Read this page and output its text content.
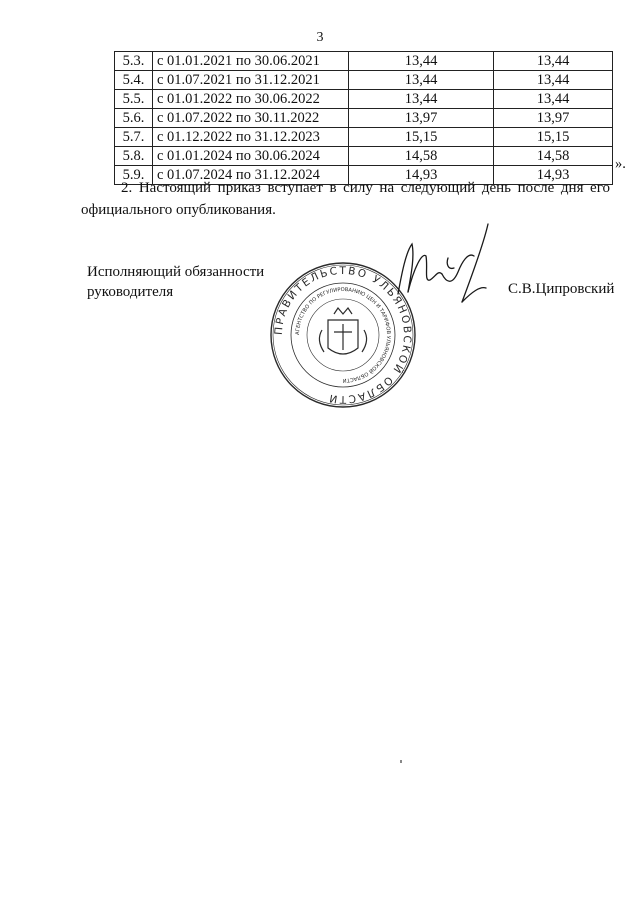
3
5.3.	с 01.01.2021 по 30.06.2021	13,44	13,44
5.4.	с 01.07.2021 по 31.12.2021	13,44	13,44
5.5.	с 01.01.2022 по 30.06.2022	13,44	13,44
5.6.	с 01.07.2022 по 30.11.2022	13,97	13,97
5.7.	с 01.12.2022 по 31.12.2023	15,15	15,15
5.8.	с 01.01.2024 по 30.06.2024	14,58	14,58
5.9.	с 01.07.2024 по 31.12.2024	14,93	14,93
».

2. Настоящий приказ вступает в силу на следующий день после дня его официального опубликования.

Исполняющий обязанности
руководителя
ПРАВИТЕЛЬСТВО УЛЬЯНОВСКОЙ ОБЛАСТИ
АГЕНТСТВО ПО РЕГУЛИРОВАНИЮ ЦЕН И ТАРИФОВ УЛЬЯНОВСКОЙ ОБЛАСТИ
С.В.Ципровский
